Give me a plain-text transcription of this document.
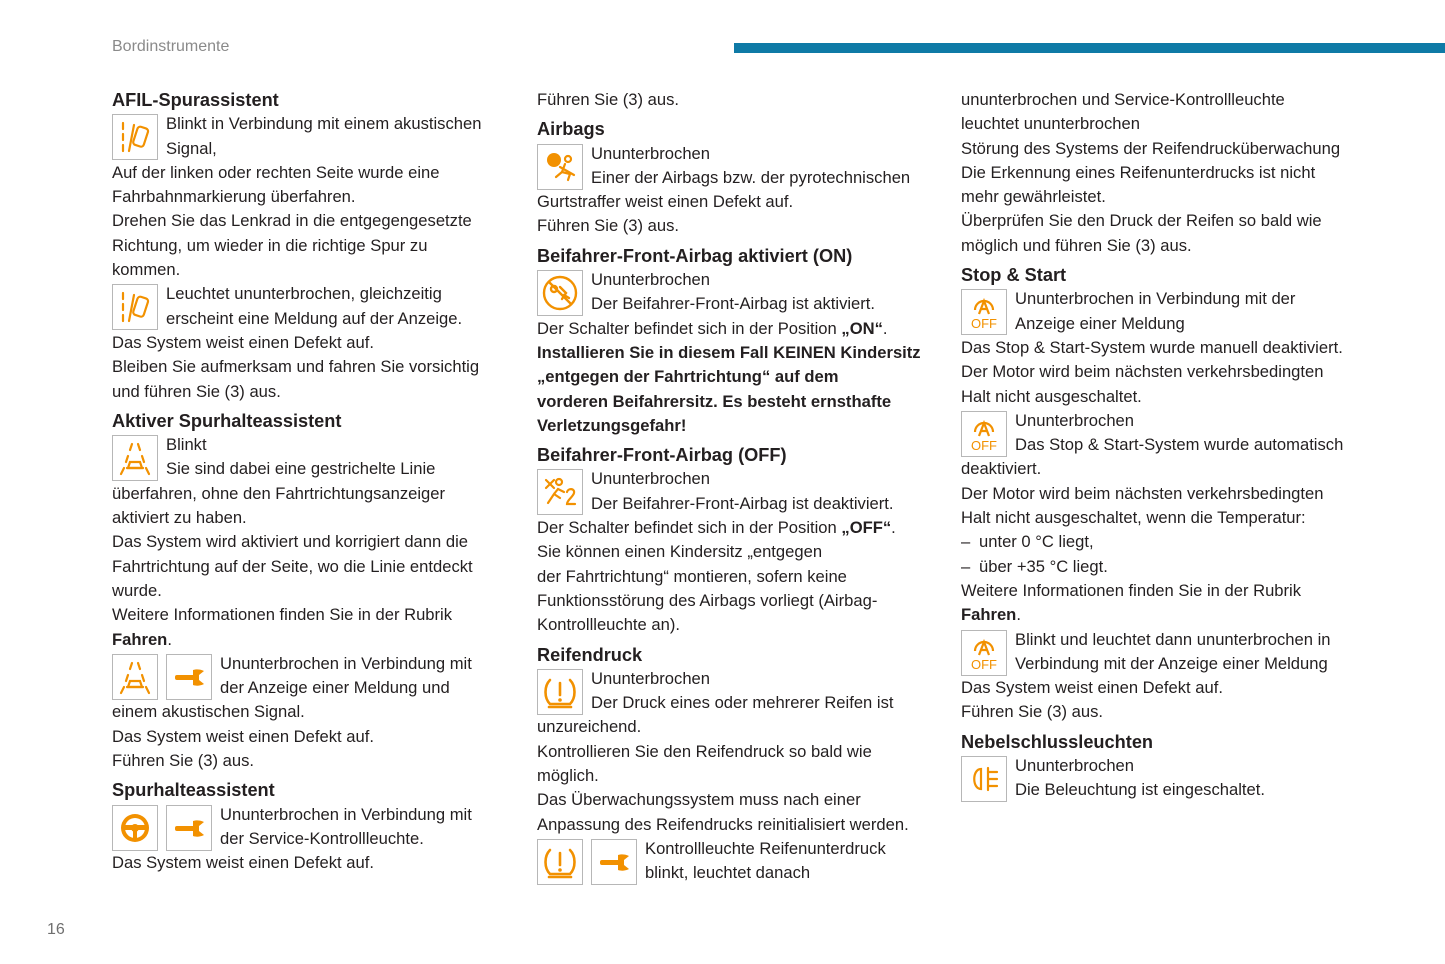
Bordinstrumente
16
AFIL-Spurassistent

Blinkt in Verbindung mit einem akustischen

Signal,

Auf der linken oder rechten Seite wurde eine

Fahrbahnmarkierung überfahren.

Drehen Sie das Lenkrad in die entgegengesetzte

Richtung, um wieder in die richtige Spur zu

kommen.

Leuchtet ununterbrochen, gleichzeitig

erscheint eine Meldung auf der Anzeige.

Das System weist einen Defekt auf.

Bleiben Sie aufmerksam und fahren Sie vorsichtig

und führen Sie (3) aus.

Aktiver Spurhalteassistent

Blinkt

Sie sind dabei eine gestrichelte Linie

überfahren, ohne den Fahrtrichtungsanzeiger

aktiviert zu haben.

Das System wird aktiviert und korrigiert dann die

Fahrtrichtung auf der Seite, wo die Linie entdeckt

wurde.

Weitere Informationen finden Sie in der Rubrik

Fahren.

Ununterbrochen in Verbindung mit

der Anzeige einer Meldung und

einem akustischen Signal.

Das System weist einen Defekt auf.

Führen Sie (3) aus.

Spurhalteassistent

Ununterbrochen in Verbindung mit

der Service-Kontrollleuchte.

Das System weist einen Defekt auf.

Führen Sie (3) aus.

Airbags

Ununterbrochen

Einer der Airbags bzw. der pyrotechnischen

Gurtstraffer weist einen Defekt auf.

Führen Sie (3) aus.

Beifahrer-Front-Airbag aktiviert (ON)

Ununterbrochen

Der Beifahrer-Front-Airbag ist aktiviert.

Der Schalter befindet sich in der Position „ON“.

Installieren Sie in diesem Fall KEINEN Kindersitz

„entgegen der Fahrtrichtung“ auf dem

vorderen Beifahrersitz. Es besteht ernsthafte

Verletzungsgefahr!

Beifahrer-Front-Airbag (OFF)

Ununterbrochen

Der Beifahrer-Front-Airbag ist deaktiviert.

Der Schalter befindet sich in der Position „OFF“.

Sie können einen Kindersitz „entgegen

der Fahrtrichtung“ montieren, sofern keine

Funktionsstörung des Airbags vorliegt (Airbag-

Kontrollleuchte an).

Reifendruck

Ununterbrochen

Der Druck eines oder mehrerer Reifen ist

unzureichend.

Kontrollieren Sie den Reifendruck so bald wie

möglich.

Das Überwachungssystem muss nach einer

Anpassung des Reifendrucks reinitialisiert werden.

Kontrollleuchte Reifenunterdruck

blinkt, leuchtet danach

ununterbrochen und Service-Kontrollleuchte

leuchtet ununterbrochen

Störung des Systems der Reifendrucküberwachung

Die Erkennung eines Reifenunterdrucks ist nicht

mehr gewährleistet.

Überprüfen Sie den Druck der Reifen so bald wie

möglich und führen Sie (3) aus.

Stop & Start
OFF

Ununterbrochen in Verbindung mit der

Anzeige einer Meldung

Das Stop & Start-System wurde manuell deaktiviert.

Der Motor wird beim nächsten verkehrsbedingten

Halt nicht ausgeschaltet.

OFF

Ununterbrochen

Das Stop & Start-System wurde automatisch

deaktiviert.

Der Motor wird beim nächsten verkehrsbedingten

Halt nicht ausgeschaltet, wenn die Temperatur:

– unter 0 °C liegt,
– über +35 °C liegt.

Weitere Informationen finden Sie in der Rubrik

Fahren.

OFF

Blinkt und leuchtet dann ununterbrochen in

Verbindung mit der Anzeige einer Meldung

Das System weist einen Defekt auf.

Führen Sie (3) aus.

Nebelschlussleuchten

Ununterbrochen

Die Beleuchtung ist eingeschaltet.
